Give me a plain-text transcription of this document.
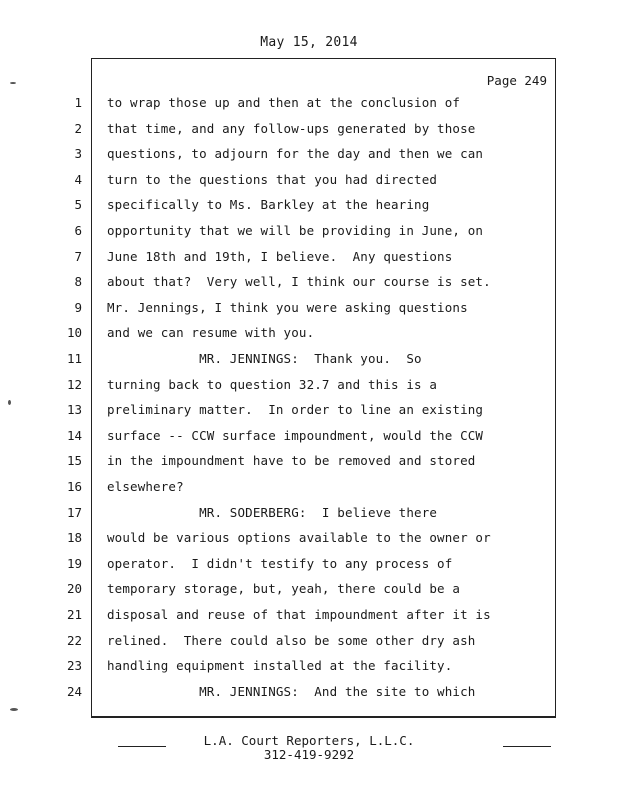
May 15, 2014
Page 249
1 to wrap those up and then at the conclusion of
2 that time, and any follow-ups generated by those
3 questions, to adjourn for the day and then we can
4 turn to the questions that you had directed
5 specifically to Ms. Barkley at the hearing
6 opportunity that we will be providing in June, on
7 June 18th and 19th, I believe.  Any questions
8 about that?  Very well, I think our course is set.
9 Mr. Jennings, I think you were asking questions
10 and we can resume with you.
11 MR. JENNINGS:  Thank you.  So
12 turning back to question 32.7 and this is a
13 preliminary matter.  In order to line an existing
14 surface -- CCW surface impoundment, would the CCW
15 in the impoundment have to be removed and stored
16 elsewhere?
17 MR. SODERBERG:  I believe there
18 would be various options available to the owner or
19 operator.  I didn't testify to any process of
20 temporary storage, but, yeah, there could be a
21 disposal and reuse of that impoundment after it is
22 relined.  There could also be some other dry ash
23 handling equipment installed at the facility.
24 MR. JENNINGS:  And the site to which
L.A. Court Reporters, L.L.C.
312-419-9292
